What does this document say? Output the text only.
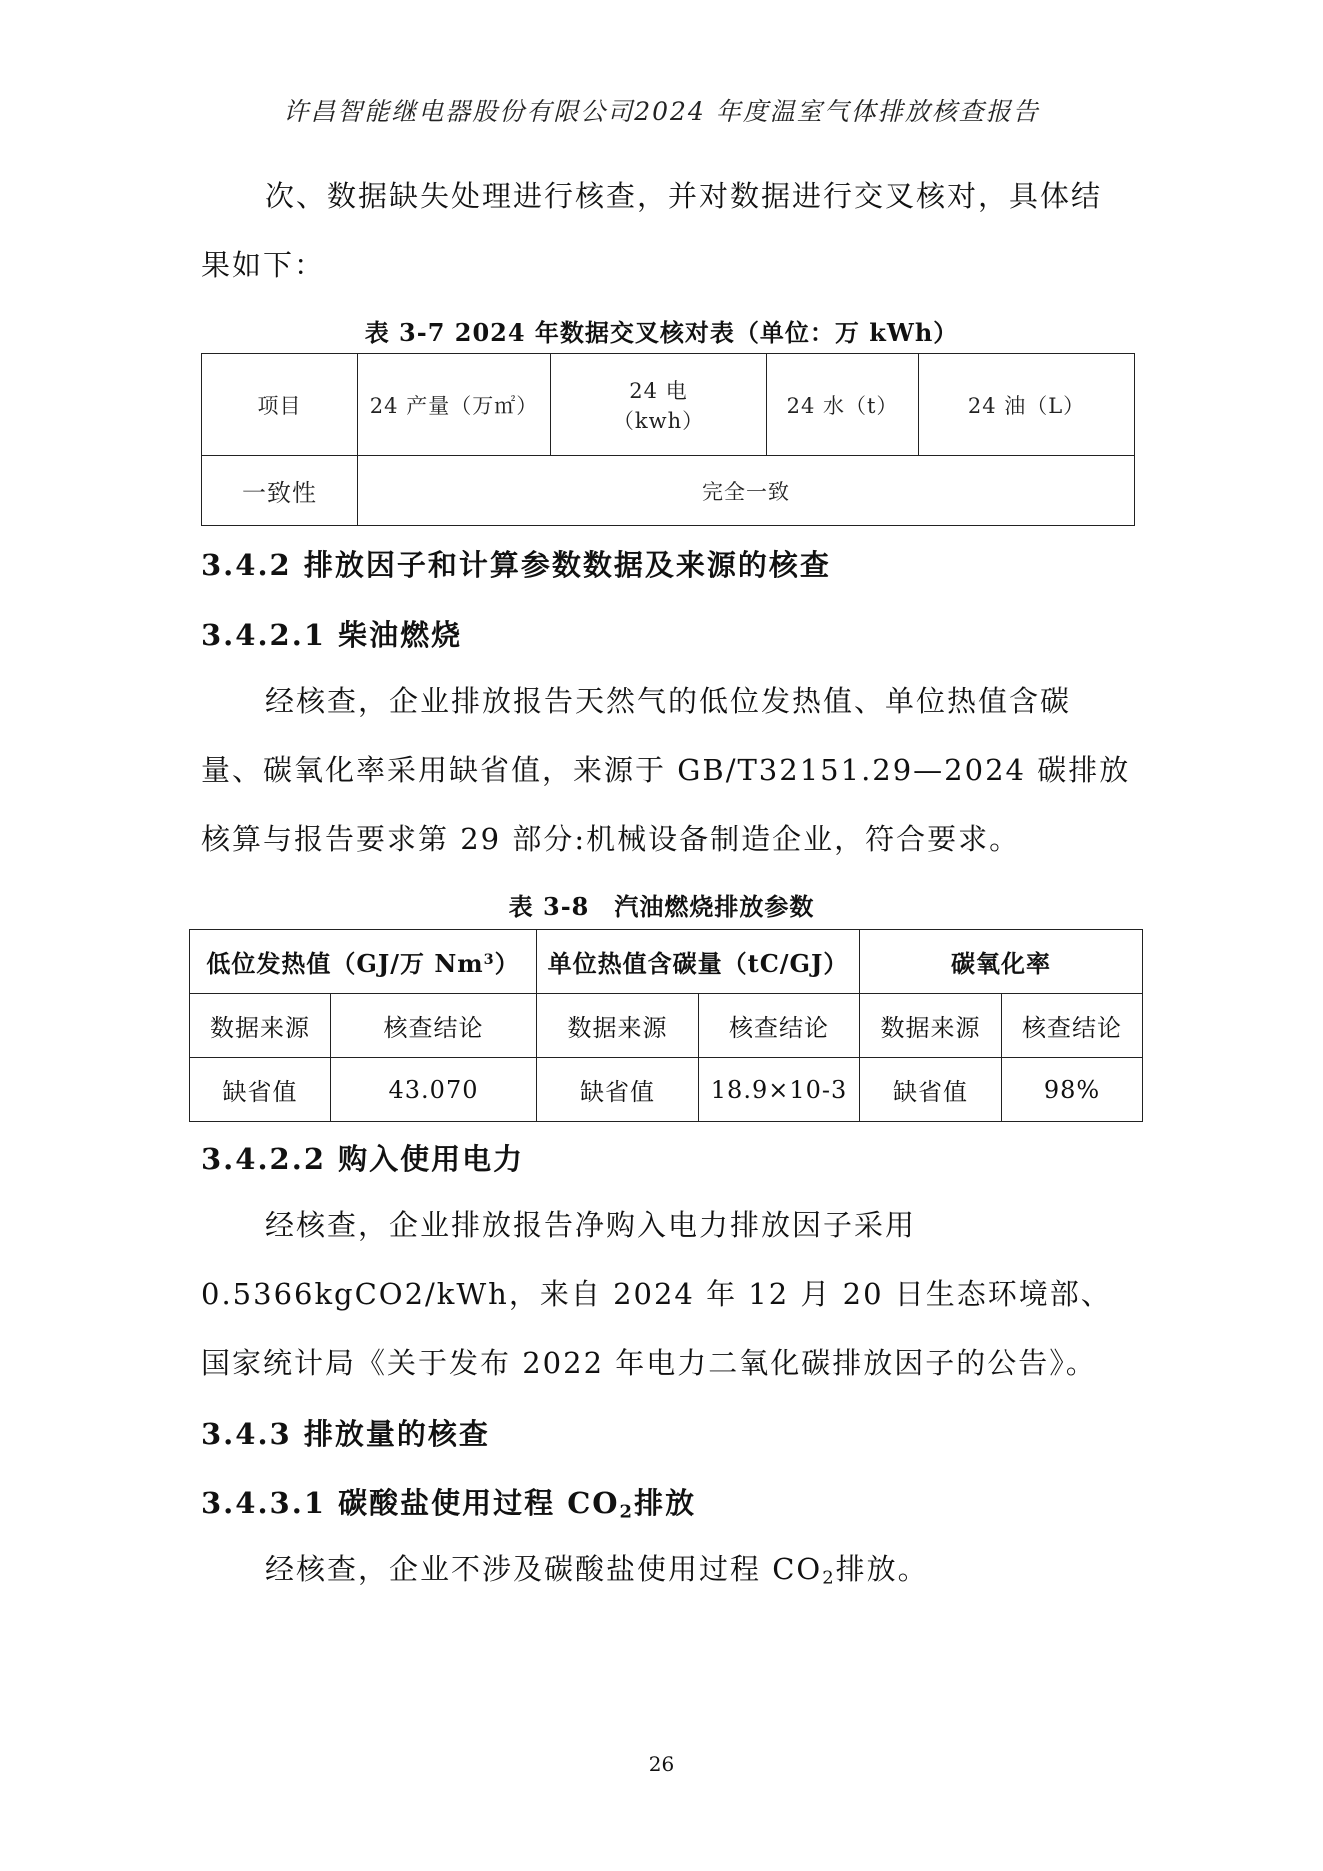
许昌智能继电器股份有限公司2024 年度温室气体排放核查报告

次、数据缺失处理进行核查，并对数据进行交叉核对，具体结果如下：

表 3-7 2024 年数据交叉核对表（单位：万 kWh）
项目	24 产量（万㎡）	24 电（kwh）	24 水（t）	24 油（L）
一致性	完全一致			
3.4.2 排放因子和计算参数数据及来源的核查
3.4.2.1 柴油燃烧

经核查，企业排放报告天然气的低位发热值、单位热值含碳量、碳氧化率采用缺省值，来源于 GB/T32151.29—2024 碳排放核算与报告要求第 29 部分:机械设备制造企业，符合要求。

表 3-8　汽油燃烧排放参数
低位发热值（GJ/万 Nm$^3$）		单位热值含碳量（tC/GJ）		碳氧化率	
数据来源	核查结论	数据来源	核查结论	数据来源	核查结论
缺省值	43.070	缺省值	18.9×10-3	缺省值	98%
3.4.2.2 购入使用电力

经核查，企业排放报告净购入电力排放因子采用 0.5366kgCO2/kWh，来自 2024 年 12 月 20 日生态环境部、国家统计局《关于发布 2022 年电力二氧化碳排放因子的公告》。

3.4.3 排放量的核查
3.4.3.1 碳酸盐使用过程 $CO_2$排放

经核查，企业不涉及碳酸盐使用过程 $CO_2$排放。

26
